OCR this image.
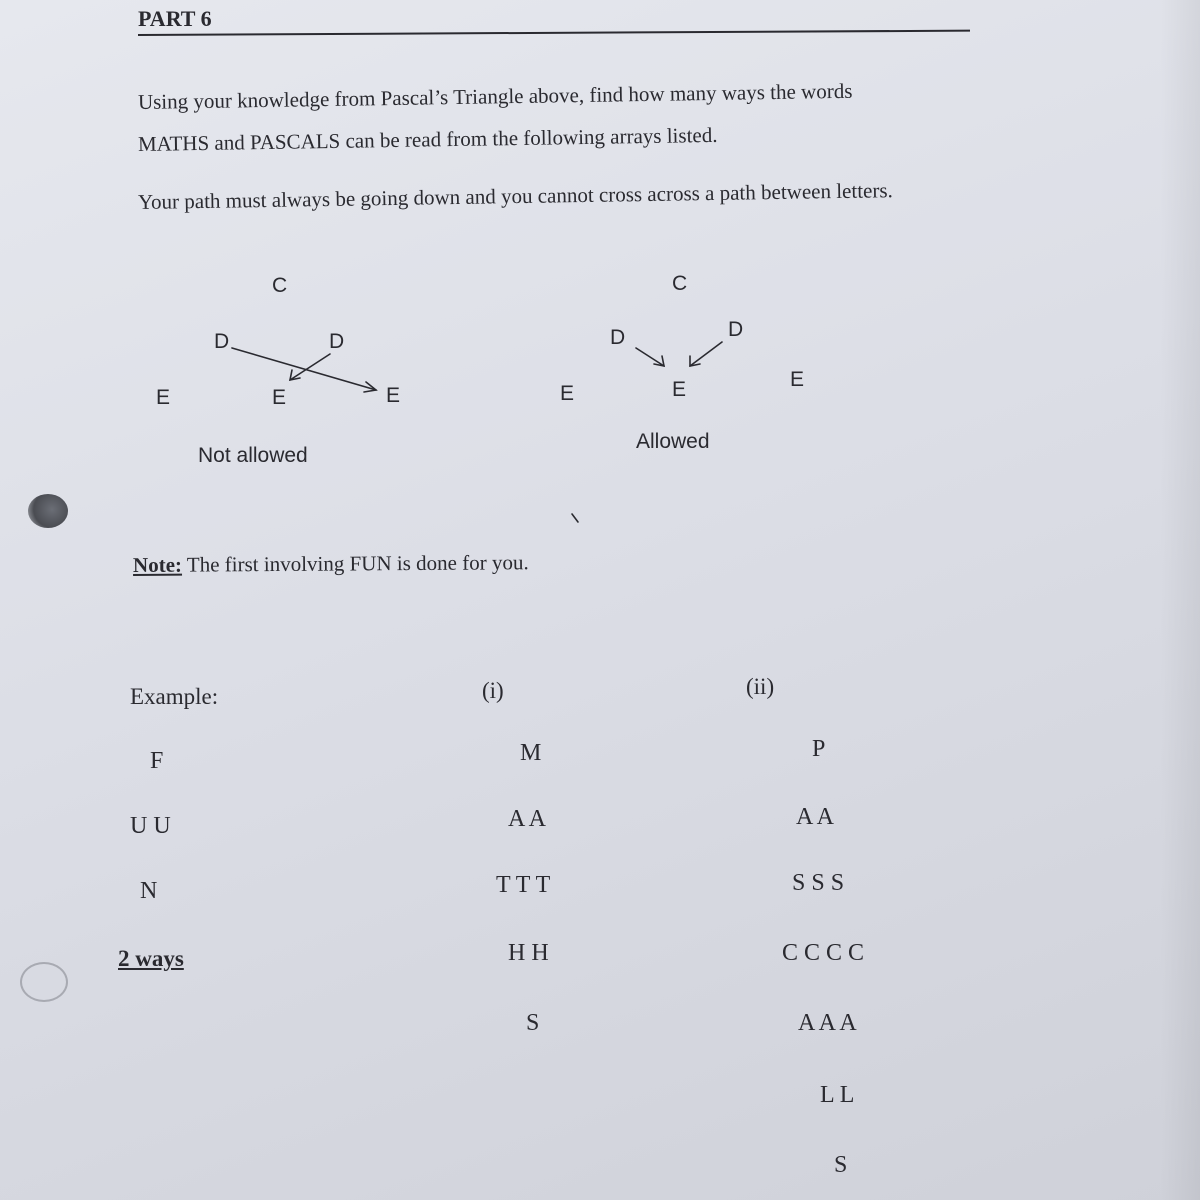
PART 6
Using your knowledge from Pascal’s Triangle above, find how many ways the words
MATHS and PASCALS can be read from the following arrays listed.
Your path must always be going down and you cannot cross across a path between letters.
C
D	D
E	E	E
Not allowed
C
D	D
E	E	E
Allowed
Note: The first involving FUN is done for you.
Example:
F
U U
N
2 ways
(i)
M
A A
T T T
H H
S
(ii)
P
A A
S S S
C C C C
A A A
L L
S
